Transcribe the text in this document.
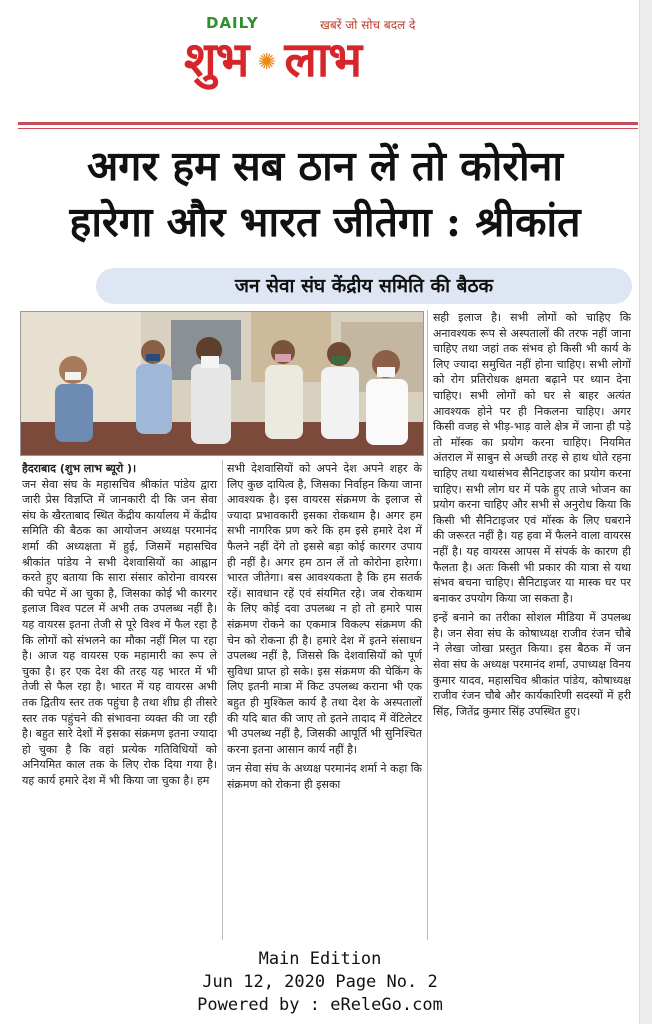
DAILY	खबरें जो सोच बदल दे
शुभ ✺ लाभ
अगर हम सब ठान लें तो कोरोना
हारेगा और भारत जीतेगा : श्रीकांत
जन सेवा संघ केंद्रीय समिति की बैठक

हैदराबाद (शुभ लाभ ब्यूरो )।

जन सेवा संघ के महासचिव श्रीकांत पांडेय द्वारा जारी प्रेस विज्ञप्ति में जानकारी दी कि जन सेवा संघ के खैरताबाद स्थित केंद्रीय कार्यालय में केंद्रीय समिति की बैठक का आयोजन अध्यक्ष परमानंद शर्मा की अध्यक्षता में हुई, जिसमें महासचिव श्रीकांत पांडेय ने सभी देशवासियों का आह्वान करते हुए बताया कि सारा संसार कोरोना वायरस की चपेट में आ चुका है, जिसका कोई भी कारगर इलाज विश्व पटल में अभी तक उपलब्ध नहीं है। यह वायरस इतना तेजी से पूरे विश्व में फैल रहा है कि लोगों को संभलने का मौका नहीं मिल पा रहा है। आज यह वायरस एक महामारी का रूप ले चुका है। हर एक देश की तरह यह भारत में भी तेजी से फैल रहा है। भारत में यह वायरस अभी तक द्वितीय स्तर तक पहुंचा है तथा शीघ्र ही तीसरे स्तर तक पहुंचने की संभावना व्यक्त की जा रही है। बहुत सारे देशों में इसका संक्रमण इतना ज्यादा हो चुका है कि वहां प्रत्येक गतिविधियों को अनियमित काल तक के लिए रोक दिया गया है। यह कार्य हमारे देश में भी किया जा चुका है। हम

सभी देशवासियों को अपने देश अपने शहर के लिए कुछ दायित्व है, जिसका निर्वाहन किया जाना आवश्यक है। इस वायरस संक्रमण के इलाज से ज्यादा प्रभावकारी इसका रोकथाम है। अगर हम सभी नागरिक प्रण करे कि हम इसे हमारे देश में फैलने नहीं देंगे तो इससे बड़ा कोई कारगर उपाय ही नहीं है। अगर हम ठान लें तो कोरोना हारेगा। भारत जीतेगा। बस आवश्यकता है कि हम सतर्क रहें। सावधान रहें एवं संयमित रहे। जब रोकथाम के लिए कोई दवा उपलब्ध न हो तो हमारे पास संक्रमण रोकने का एकमात्र विकल्प संक्रमण की चेन को रोकना ही है। हमारे देश में इतने संसाधन उपलब्ध नहीं है, जिससे कि देशवासियों को पूर्ण सुविधा प्राप्त हो सके। इस संक्रमण की चेकिंग के लिए इतनी मात्रा में किट उपलब्ध कराना भी एक बहुत ही मुश्किल कार्य है तथा देश के अस्पतालों की यदि बात की जाए तो इतने तादाद में वेंटिलेटर भी उपलब्ध नहीं है, जिसकी आपूर्ति भी सुनिश्चित करना इतना आसान कार्य नहीं है।

जन सेवा संघ के अध्यक्ष परमानंद शर्मा ने कहा कि संक्रमण को रोकना ही इसका

सही इलाज है। सभी लोगों को चाहिए कि अनावश्यक रूप से अस्पतालों की तरफ नहीं जाना चाहिए तथा जहां तक संभव हो किसी भी कार्य के लिए ज्यादा समुचित नहीं होना चाहिए। सभी लोगों को रोग प्रतिरोधक क्षमता बढ़ाने पर ध्यान देना चाहिए। सभी लोगों को घर से बाहर अत्यंत आवश्यक होने पर ही निकलना चाहिए। अगर किसी वजह से भीड़-भाड़ वाले क्षेत्र में जाना ही पड़े तो मॉस्क का प्रयोग करना चाहिए। नियमित अंतराल में साबुन से अच्छी तरह से हाथ धोते रहना चाहिए तथा यथासंभव सैनिटाइजर का प्रयोग करना चाहिए। सभी लोग घर में पके हुए ताजे भोजन का प्रयोग करना चाहिए और सभी से अनुरोध किया कि किसी भी सैनिटाइजर एवं मॉस्क के लिए घबराने की जरूरत नहीं है। यह हवा में फैलने वाला वायरस नहीं है। यह वायरस आपस में संपर्क के कारण ही फैलता है। अतः किसी भी प्रकार की यात्रा से यथा संभव बचना चाहिए। सैनिटाइजर या मास्क घर पर बनाकर उपयोग किया जा सकता है।

इन्हें बनाने का तरीका सोशल मीडिया में उपलब्ध है। जन सेवा संघ के कोषाध्यक्ष राजीव रंजन चौबे ने लेखा जोखा प्रस्तुत किया। इस बैठक में जन सेवा संघ के अध्यक्ष परमानंद शर्मा, उपाध्यक्ष विनय कुमार यादव, महासचिव श्रीकांत पांडेय, कोषाध्यक्ष राजीव रंजन चौबे और कार्यकारिणी सदस्यों में हरी सिंह, जितेंद्र कुमार सिंह उपस्थित हुए।

Main Edition
Jun 12, 2020 Page No. 2
Powered by : eReleGo.com
